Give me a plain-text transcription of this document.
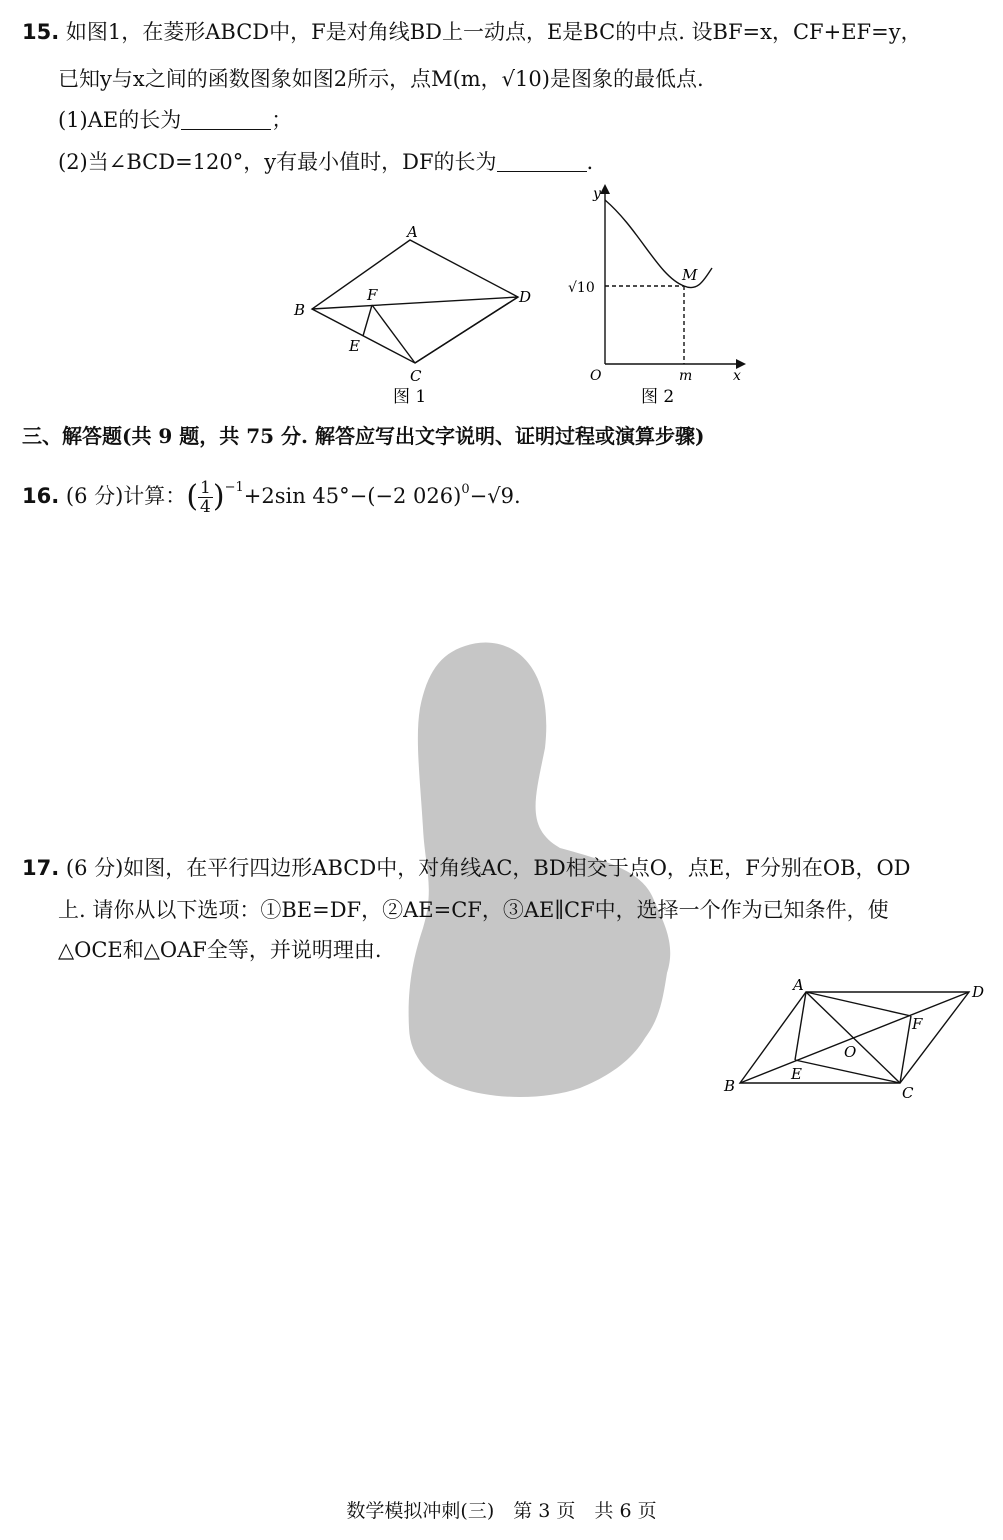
15. 如图1，在菱形ABCD中，F是对角线BD上一动点，E是BC的中点. 设BF=x，CF+EF=y，
已知y与x之间的函数图象如图2所示，点M(m，√10)是图象的最低点.
(1)AE的长为	；
(2)当∠BCD=120°，y有最小值时，DF的长为	.
A
B
C
D
E
F
图 1
y
x
O	m
M
√10
图 2
三、解答题(共 9 题，共 75 分. 解答应写出文字说明、证明过程或演算步骤)
16. (6 分)计算：( $\frac{1}{4} )^{-1}+2\sin$ 45°−(−2 026)$^0$−√9.
17. (6 分)如图，在平行四边形ABCD中，对角线AC，BD相交于点O，点E，F分别在OB，OD
上. 请你从以下选项：①BE=DF，②AE=CF，③AE∥CF中，选择一个作为已知条件，使
△OCE和△OAF全等，并说明理由.
A
B	C
D
E
F
O
数学模拟冲刺(三)　第 3 页　共 6 页
